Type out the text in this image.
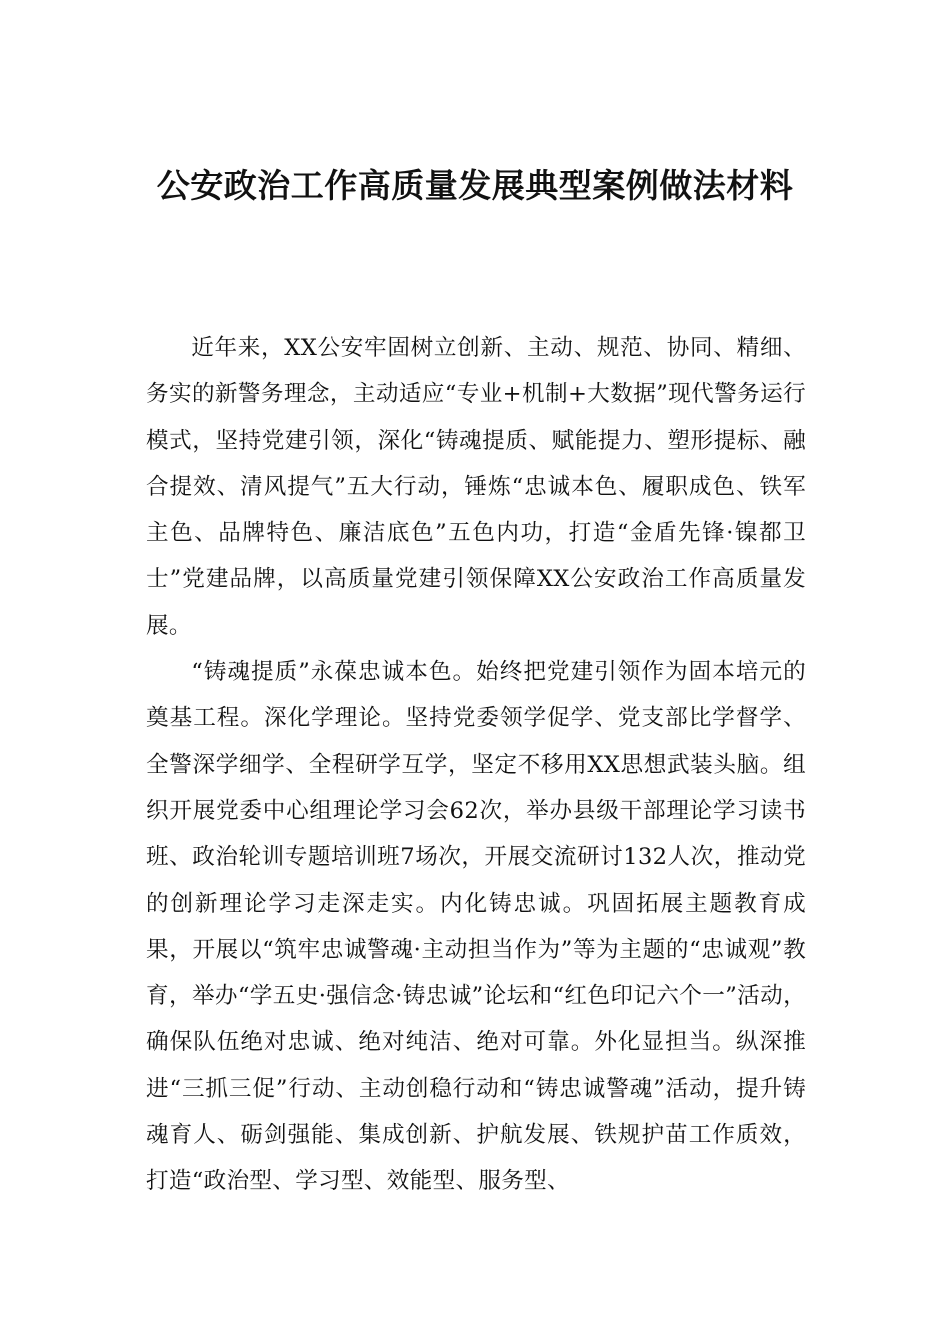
公安政治工作高质量发展典型案例做法材料

近年来，XX公安牢固树立创新、主动、规范、协同、精细、务实的新警务理念，主动适应“专业+机制+大数据”现代警务运行模式，坚持党建引领，深化“铸魂提质、赋能提力、塑形提标、融合提效、清风提气”五大行动，锤炼“忠诚本色、履职成色、铁军主色、品牌特色、廉洁底色”五色内功，打造“金盾先锋·镍都卫士”党建品牌，以高质量党建引领保障XX公安政治工作高质量发展。

“铸魂提质”永葆忠诚本色。始终把党建引领作为固本培元的奠基工程。深化学理论。坚持党委领学促学、党支部比学督学、全警深学细学、全程研学互学，坚定不移用XX思想武装头脑。组织开展党委中心组理论学习会62次，举办县级干部理论学习读书班、政治轮训专题培训班7场次，开展交流研讨132人次，推动党的创新理论学习走深走实。内化铸忠诚。巩固拓展主题教育成果，开展以“筑牢忠诚警魂·主动担当作为”等为主题的“忠诚观”教育，举办“学五史·强信念·铸忠诚”论坛和“红色印记六个一”活动，确保队伍绝对忠诚、绝对纯洁、绝对可靠。外化显担当。纵深推进“三抓三促”行动、主动创稳行动和“铸忠诚警魂”活动，提升铸魂育人、砺剑强能、集成创新、护航发展、铁规护苗工作质效，打造“政治型、学习型、效能型、服务型、
